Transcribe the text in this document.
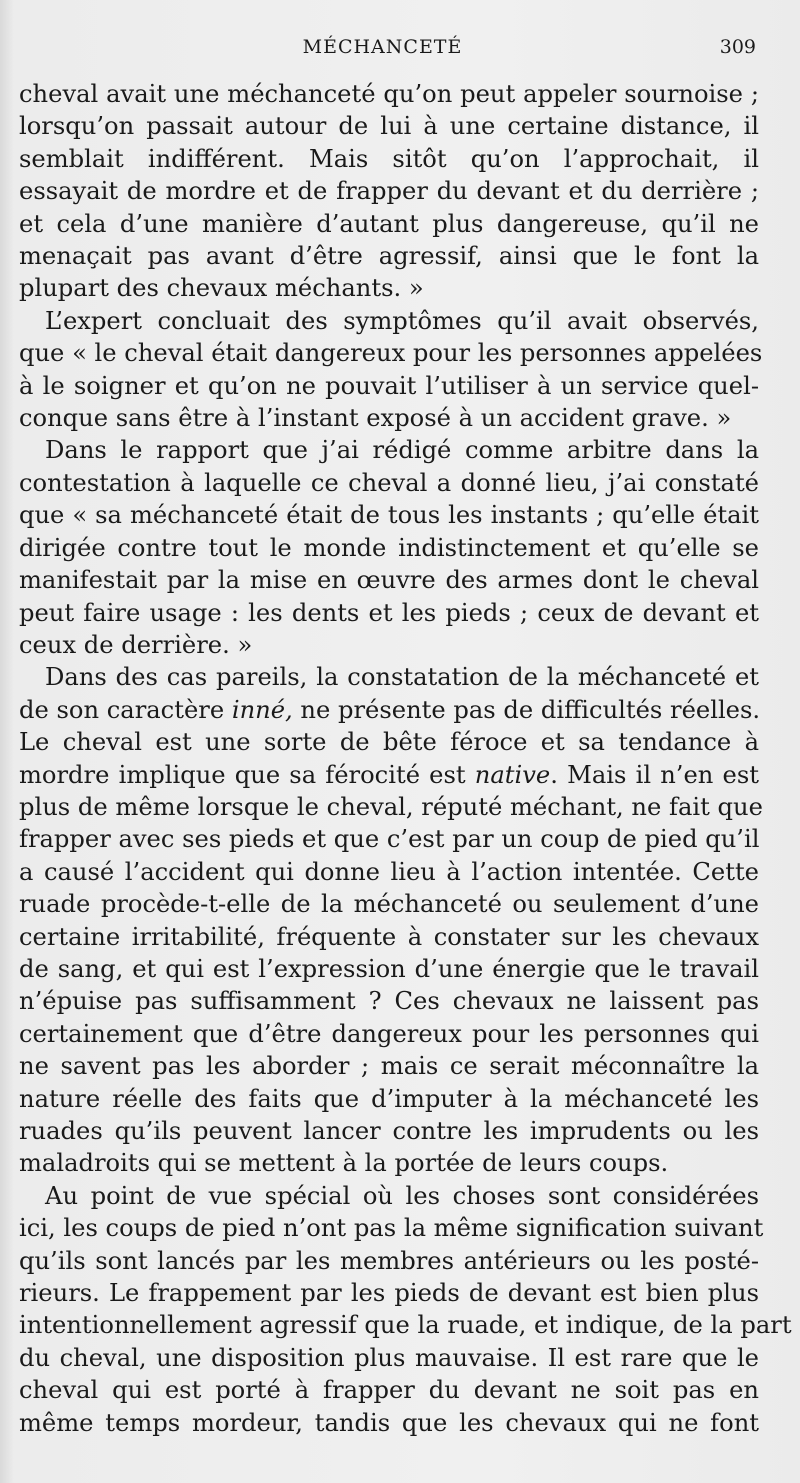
MÉCHANCETÉ	309

cheval avait une méchanceté qu’on peut appeler sournoise ;
lorsqu’on passait autour de lui à une certaine distance, il
semblait indifférent. Mais sitôt qu’on l’approchait, il
essayait de mordre et de frapper du devant et du derrière ;
et cela d’une manière d’autant plus dangereuse, qu’il ne
menaçait pas avant d’être agressif, ainsi que le font la
plupart des chevaux méchants. »

L’expert concluait des symptômes qu’il avait observés,
que « le cheval était dangereux pour les personnes appelées
à le soigner et qu’on ne pouvait l’utiliser à un service quel-
conque sans être à l’instant exposé à un accident grave. »

Dans le rapport que j’ai rédigé comme arbitre dans la
contestation à laquelle ce cheval a donné lieu, j’ai constaté
que « sa méchanceté était de tous les instants ; qu’elle était
dirigée contre tout le monde indistinctement et qu’elle se
manifestait par la mise en œuvre des armes dont le cheval
peut faire usage : les dents et les pieds ; ceux de devant et
ceux de derrière. »

Dans des cas pareils, la constatation de la méchanceté et
de son caractère inné, ne présente pas de difficultés réelles.
Le cheval est une sorte de bête féroce et sa tendance à
mordre implique que sa férocité est native. Mais il n’en est
plus de même lorsque le cheval, réputé méchant, ne fait que
frapper avec ses pieds et que c’est par un coup de pied qu’il
a causé l’accident qui donne lieu à l’action intentée. Cette
ruade procède-t-elle de la méchanceté ou seulement d’une
certaine irritabilité, fréquente à constater sur les chevaux
de sang, et qui est l’expression d’une énergie que le travail
n’épuise pas suffisamment ? Ces chevaux ne laissent pas
certainement que d’être dangereux pour les personnes qui
ne savent pas les aborder ; mais ce serait méconnaître la
nature réelle des faits que d’imputer à la méchanceté les
ruades qu’ils peuvent lancer contre les imprudents ou les
maladroits qui se mettent à la portée de leurs coups.

Au point de vue spécial où les choses sont considérées
ici, les coups de pied n’ont pas la même signification suivant
qu’ils sont lancés par les membres antérieurs ou les posté-
rieurs. Le frappement par les pieds de devant est bien plus
intentionnellement agressif que la ruade, et indique, de la part
du cheval, une disposition plus mauvaise. Il est rare que le
cheval qui est porté à frapper du devant ne soit pas en
même temps mordeur, tandis que les chevaux qui ne font
